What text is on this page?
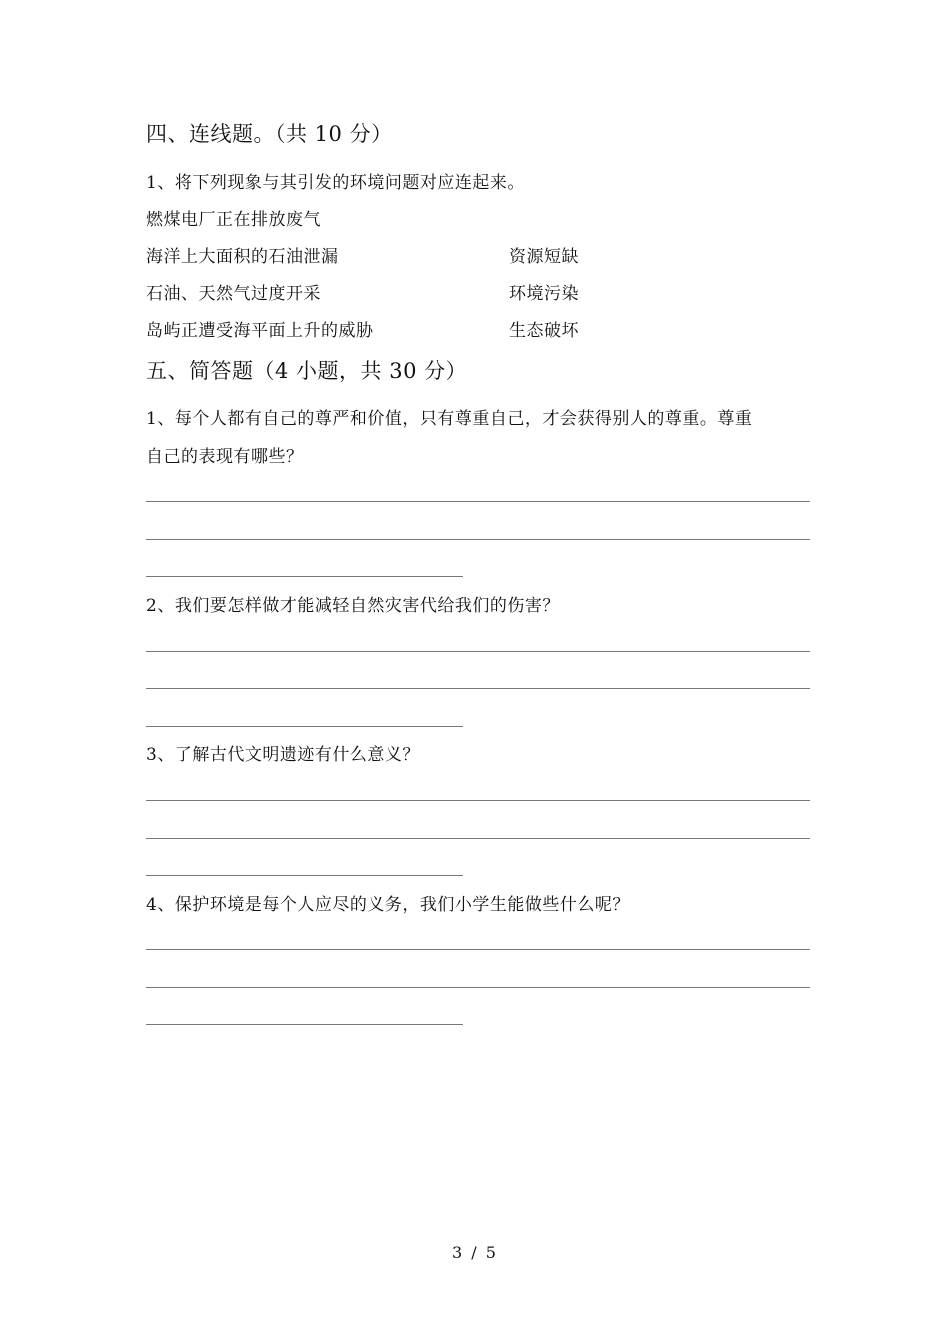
四、连线题。（共 10 分）
1、将下列现象与其引发的环境问题对应连起来。
燃煤电厂正在排放废气
海洋上大面积的石油泄漏
石油、天然气过度开采
岛屿正遭受海平面上升的威胁
资源短缺
环境污染
生态破坏
五、简答题（4 小题，共 30 分）
1、每个人都有自己的尊严和价值，只有尊重自己，才会获得别人的尊重。尊重
自己的表现有哪些？
2、我们要怎样做才能减轻自然灾害代给我们的伤害？
3、了解古代文明遗迹有什么意义？
4、保护环境是每个人应尽的义务，我们小学生能做些什么呢？
3 / 5
